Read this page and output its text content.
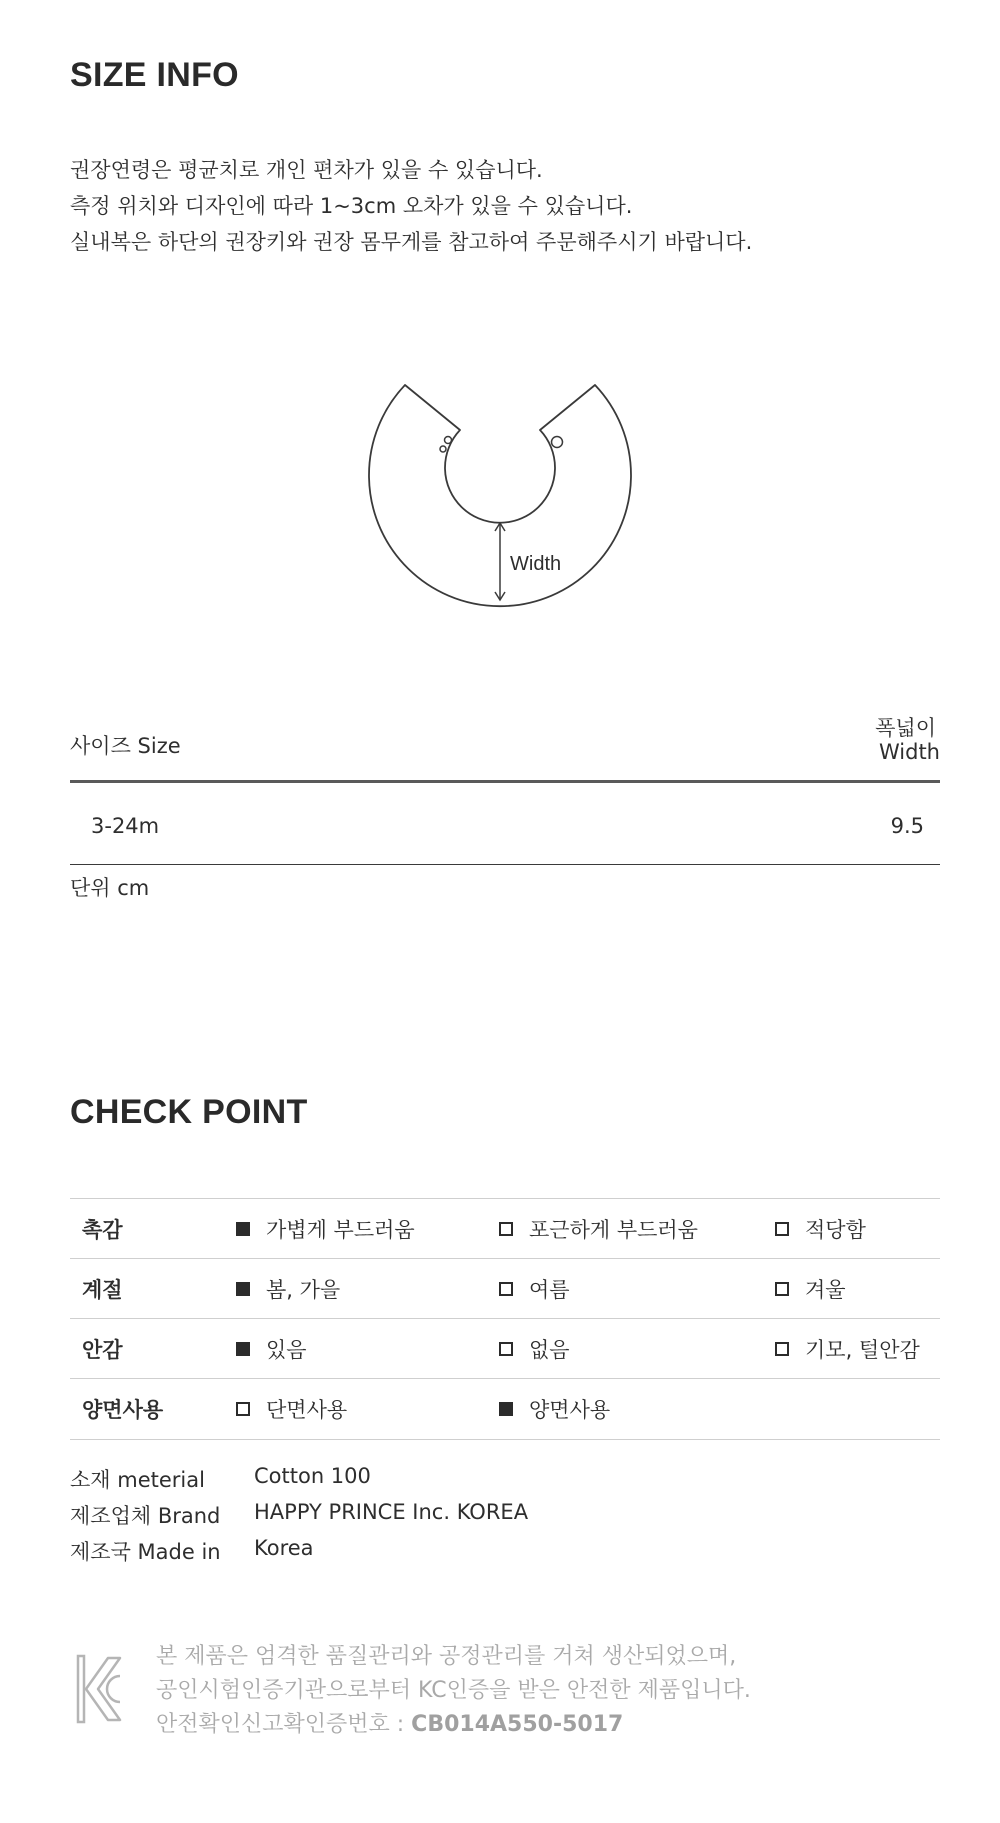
SIZE INFO
권장연령은 평균치로 개인 편차가 있을 수 있습니다.
측정 위치와 디자인에 따라 1~3cm 오차가 있을 수 있습니다.
실내복은 하단의 권장키와 권장 몸무게를 참고하여 주문해주시기 바랍니다.
Width
사이즈 Size
폭넓이
Width
3-24m	9.5
단위 cm
CHECK POINT
촉감	가볍게 부드러움	포근하게 부드러움	적당함
계절	봄, 가을	여름	겨울
안감	있음	없음	기모, 털안감
양면사용	단면사용	양면사용
소재 meterial Cotton 100
제조업체 Brand HAPPY PRINCE Inc. KOREA
제조국 Made in Korea
본 제품은 엄격한 품질관리와 공정관리를 거쳐 생산되었으며,
공인시험인증기관으로부터 KC인증을 받은 안전한 제품입니다.
안전확인신고확인증번호 : CB014A550-5017
